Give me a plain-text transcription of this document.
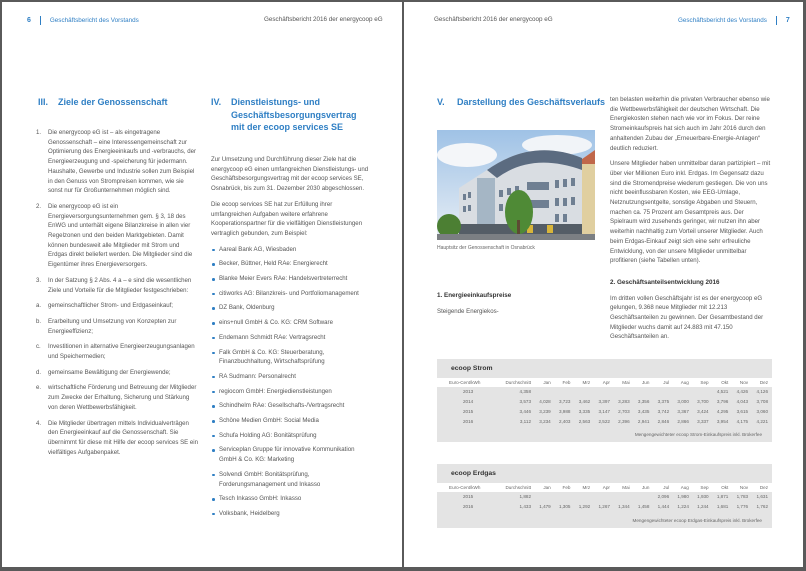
6	Geschäftsbericht des Vorstands	Geschäftsbericht 2016 der energycoop eG
III. Ziele der Genossenschaft
1. Die energycoop eG ist – als eingetragene Genossenschaft – eine Interessengemeinschaft zur Optimierung des Energieeinkaufs und -verbrauchs, der Energieerzeugung und -speicherung für jedermann. Haushalte, Gewerbe und Industrie sollen zum Beispiel in den Genuss von Strompreisen kommen, wie sie sonst nur für Großunternehmen möglich sind.
2. Die energycoop eG ist ein Energieversorgungsunternehmen gem. § 3, 18 des EnWG und unterhält eigene Bilanzkreise in allen vier Regelzonen und den beiden Marktgebieten. Damit können bundesweit alle Mitglieder mit Strom und Erdgas direkt beliefert werden. Die Mitglieder sind die Eigentümer ihres Energieversorgers.
3. In der Satzung § 2 Abs. 4 a – e sind die wesentlichen Ziele und Vorteile für die Mitglieder festgeschrieben:
a. gemeinschaftlicher Strom- und Erdgaseinkauf;
b. Erarbeitung und Umsetzung von Konzepten zur Energieeffizienz;
c. Investitionen in alternative Energieerzeugungsanlagen und Speichermedien;
d. gemeinsame Bewältigung der Energiewende;
e. wirtschaftliche Förderung und Betreuung der Mitglieder zum Zwecke der Erhaltung, Sicherung und Stärkung von deren Wettbewerbsfähigkeit.
4. Die Mitglieder übertragen mittels Individualverträgen den Energieeinkauf auf die Genossenschaft. Sie übernimmt für diese mit Hilfe der ecoop services SE ein vielfältiges Aufgabenpaket.
IV.	Dienstleistungs- und
Geschäftsbesorgungsvertrag
mit der ecoop services SE

Zur Umsetzung und Durchführung dieser Ziele hat die energycoop eG einen umfangreichen Dienstleistungs- und Geschäftsbesorgungsvertrag mit der ecoop services SE, Osnabrück, bis zum 31. Dezember 2030 abgeschlossen.

Die ecoop services SE hat zur Erfüllung ihrer umfangreichen Aufgaben weitere erfahrene Kooperationspartner für die vielfältigen Dienstleistungen vertraglich gebunden, zum Beispiel:

Aareal Bank AG, Wiesbaden
Becker, Büttner, Held RAe: Energierecht
Blanke Meier Evers RAe: Handelsvertreterrecht
citiworks AG: Bilanzkreis- und Portfoliomanagement
DZ Bank, Oldenburg
eins+null GmbH & Co. KG: CRM Software
Endemann Schmidt RAe: Vertragsrecht
Falk GmbH & Co. KG: Steuerberatung, Finanzbuchhaltung, Wirtschaftsprüfung
RA Sudmann: Personalrecht
regiocom GmbH: Energiedienstleistungen
Schindhelm RAe: Gesellschafts-/Vertragsrecht
Schöne Medien GmbH: Social Media
Schufa Holding AG: Bonitätsprüfung
Serviceplan Gruppe für innovative Kommunikation GmbH & Co. KG: Marketing
Solvendi GmbH: Bonitätsprüfung, Forderungsmanagement und Inkasso
Tesch Inkasso GmbH: Inkasso
Volksbank, Heidelberg
Geschäftsbericht 2016 der energycoop eG	Geschäftsbericht des Vorstands	7
V. Darstellung des Geschäftsverlaufs
Hauptsitz der Genossenschaft in Osnabrück
1. Energieeinkaufspreise

Steigende Energiekos-

ten belasten weiterhin die privaten Verbraucher ebenso wie die Wettbewerbsfähigkeit der deutschen Wirtschaft. Die Energiekosten stehen nach wie vor im Fokus. Der reine Stromeinkaufspreis hat sich auch im Jahr 2016 durch den anhaltenden Zubau der „Erneuerbare-Energie-Anlagen“ deutlich reduziert.

Unsere Mitglieder haben unmittelbar daran partizipiert – mit über vier Millionen Euro inkl. Erdgas. Im Gegensatz dazu sind die Stromendpreise wiederum gestiegen. Die von uns nicht beeinflussbaren Kosten, wie EEG-Umlage, Netznutzungsentgelte, sonstige Abgaben und Steuern, machen ca. 75 Prozent am Gesamtpreis aus. Der Spielraum wird zusehends geringer, wir nutzen ihn aber weiterhin nachhaltig zum Vorteil unserer Mitglieder. Auch beim Erdgas-Einkauf zeigt sich eine sehr erfreuliche Entwicklung, von der unsere Mitglieder unmittelbar profitieren (siehe Tabellen unten).

2. Geschäftsanteilsentwicklung 2016

Im dritten vollen Geschäftsjahr ist es der energycoop eG gelungen, 9.368 neue Mitglieder mit 12.213 Geschäftsanteilen zu gewinnen. Der Gesamtbestand der Mitglieder wuchs damit auf 24.883 mit 47.150 Geschäftsanteilen an.

ecoop Strom
Euro-Cent/kWh	Durchschnitt	Jan	Feb	Mrz	Apr	Mai	Jun	Jul	Aug	Sep	Okt	Nov	Dez
2013	4,358										4,521	4,426	4,126
2014	3,573	4,028	3,723	3,462	3,397	3,283	3,356	3,375	3,000	3,700	3,796	4,043	3,708
2015	3,446	3,239	3,988	3,335	3,147	2,703	3,435	3,742	3,367	3,424	4,295	3,615	3,060
2016	3,112	3,234	2,403	2,563	2,522	2,396	2,941	2,846	2,866	3,337	3,954	4,175	4,221
Mengengewichteter ecoop Strom-Einkaufspreis inkl. Brokerfee
ecoop Erdgas
Euro-Cent/kWh	Durchschnitt	Jan	Feb	Mrz	Apr	Mai	Jun	Jul	Aug	Sep	Okt	Nov	Dez
2015	1,882							2,096	1,980	1,930	1,871	1,783	1,631
2016	1,433	1,479	1,305	1,292	1,267	1,344	1,458	1,444	1,224	1,244	1,681	1,776	1,762
Mengengewichteter ecoop Erdgas-Einkaufspreis inkl. Brokerfee
